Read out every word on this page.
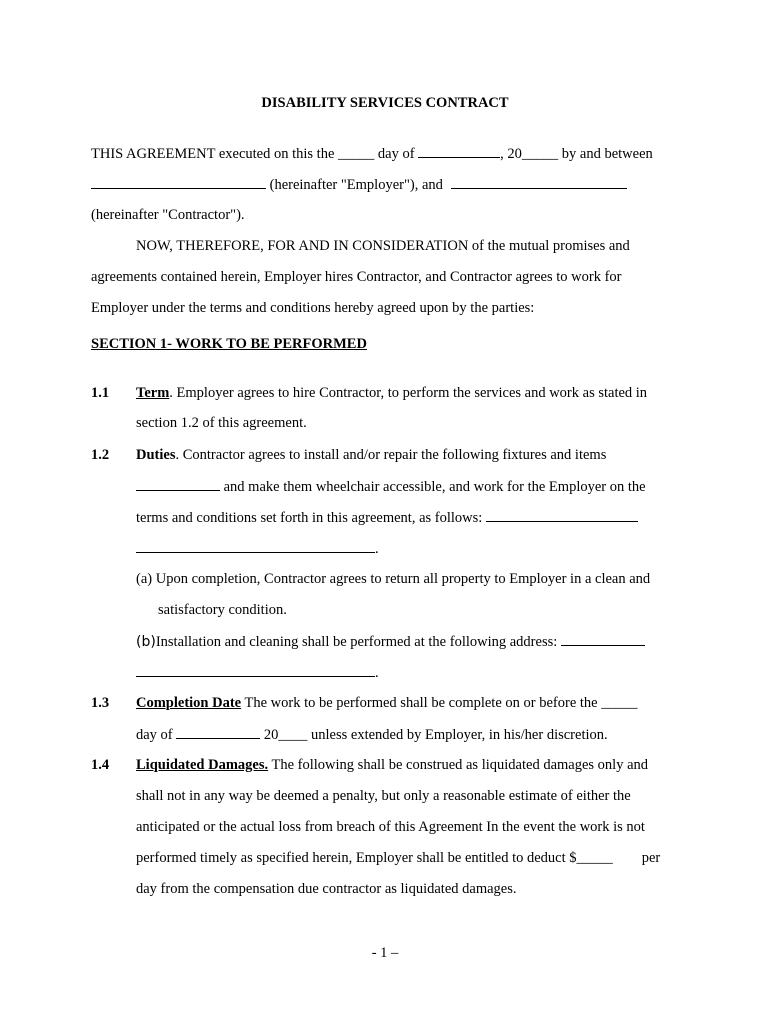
DISABILITY SERVICES CONTRACT
THIS AGREEMENT executed on this the _____ day of	, 20_____ by and between
(hereinafter "Employer"), and
(hereinafter "Contractor").
NOW, THEREFORE, FOR AND IN CONSIDERATION of the mutual promises and
agreements contained herein, Employer hires Contractor, and Contractor agrees to work for
Employer under the terms and conditions hereby agreed upon by the parties:
SECTION 1- WORK TO BE PERFORMED
1.1 Term. Employer agrees to hire Contractor, to perform the services and work as stated in
section 1.2 of this agreement.
1.2 Duties. Contractor agrees to install and/or repair the following fixtures and items
and make them wheelchair accessible, and work for the Employer on the
terms and conditions set forth in this agreement, as follows:
.
(a) Upon completion, Contractor agrees to return all property to Employer in a clean and
satisfactory condition.
(b)Installation and cleaning shall be performed at the following address:
.
1.3 Completion Date The work to be performed shall be complete on or before the _____
day of	20____ unless extended by Employer, in his/her discretion.
1.4 Liquidated Damages. The following shall be construed as liquidated damages only and
shall not in any way be deemed a penalty, but only a reasonable estimate of either the
anticipated or the actual loss from breach of this Agreement In the event the work is not
performed timely as specified herein, Employer shall be entitled to deduct $_____        per
day from the compensation due contractor as liquidated damages.
- 1 –
